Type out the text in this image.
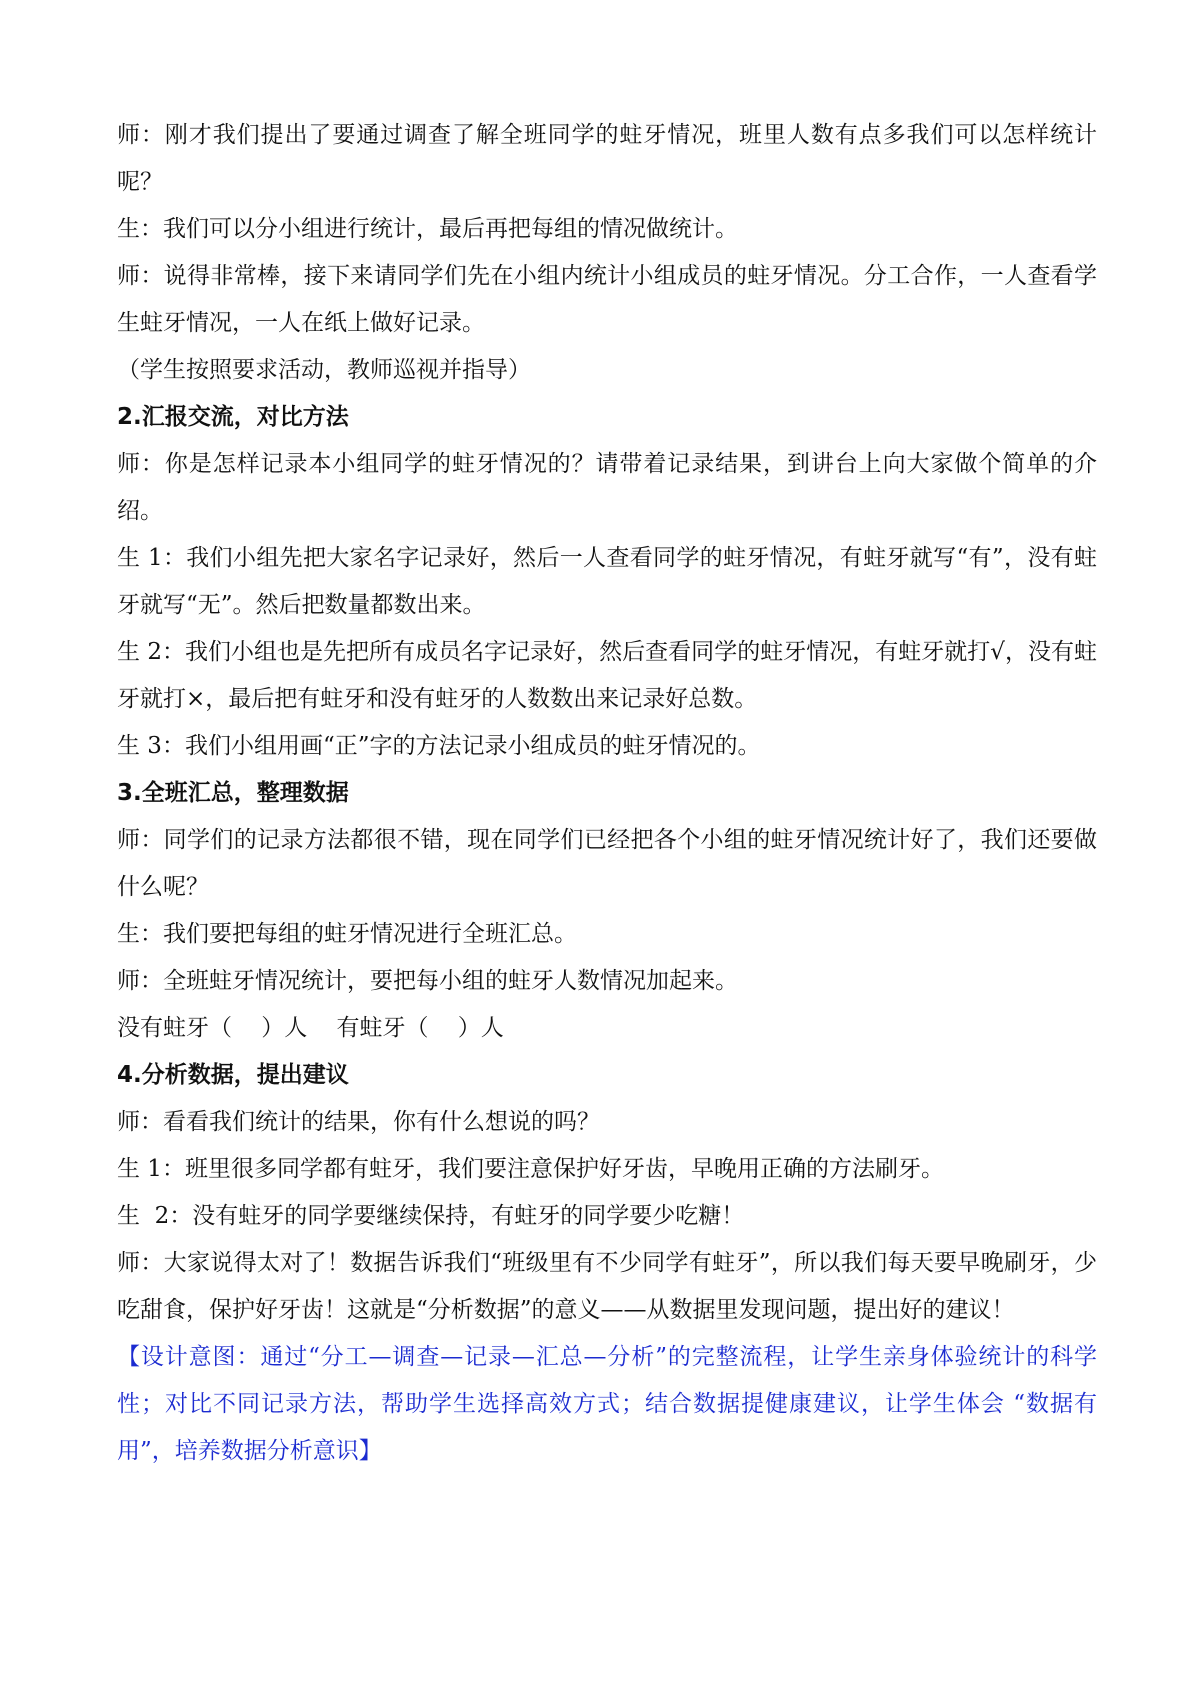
师：刚才我们提出了要通过调查了解全班同学的蛀牙情况，班里人数有点多我们可以怎样统计呢？

生：我们可以分小组进行统计，最后再把每组的情况做统计。

师：说得非常棒，接下来请同学们先在小组内统计小组成员的蛀牙情况。分工合作，一人查看学生蛀牙情况，一人在纸上做好记录。

（学生按照要求活动，教师巡视并指导）

2.汇报交流，对比方法

师：你是怎样记录本小组同学的蛀牙情况的？请带着记录结果，到讲台上向大家做个简单的介绍。

生 1：我们小组先把大家名字记录好，然后一人查看同学的蛀牙情况，有蛀牙就写“有”，没有蛀牙就写“无”。然后把数量都数出来。

生 2：我们小组也是先把所有成员名字记录好，然后查看同学的蛀牙情况，有蛀牙就打√，没有蛀牙就打×，最后把有蛀牙和没有蛀牙的人数数出来记录好总数。

生 3：我们小组用画“正”字的方法记录小组成员的蛀牙情况的。

3.全班汇总，整理数据

师：同学们的记录方法都很不错，现在同学们已经把各个小组的蛀牙情况统计好了，我们还要做什么呢？

生：我们要把每组的蛀牙情况进行全班汇总。

师：全班蛀牙情况统计，要把每小组的蛀牙人数情况加起来。

没有蛀牙（    ）人    有蛀牙（    ）人

4.分析数据，提出建议

师：看看我们统计的结果，你有什么想说的吗？

生 1：班里很多同学都有蛀牙，我们要注意保护好牙齿，早晚用正确的方法刷牙。

生  2：没有蛀牙的同学要继续保持，有蛀牙的同学要少吃糖！

师：大家说得太对了！数据告诉我们“班级里有不少同学有蛀牙”，所以我们每天要早晚刷牙，少吃甜食，保护好牙齿！这就是“分析数据”的意义——从数据里发现问题，提出好的建议！

【设计意图：通过“分工—调查—记录—汇总—分析”的完整流程，让学生亲身体验统计的科学性；对比不同记录方法，帮助学生选择高效方式；结合数据提健康建议，让学生体会 “数据有用”，培养数据分析意识】
